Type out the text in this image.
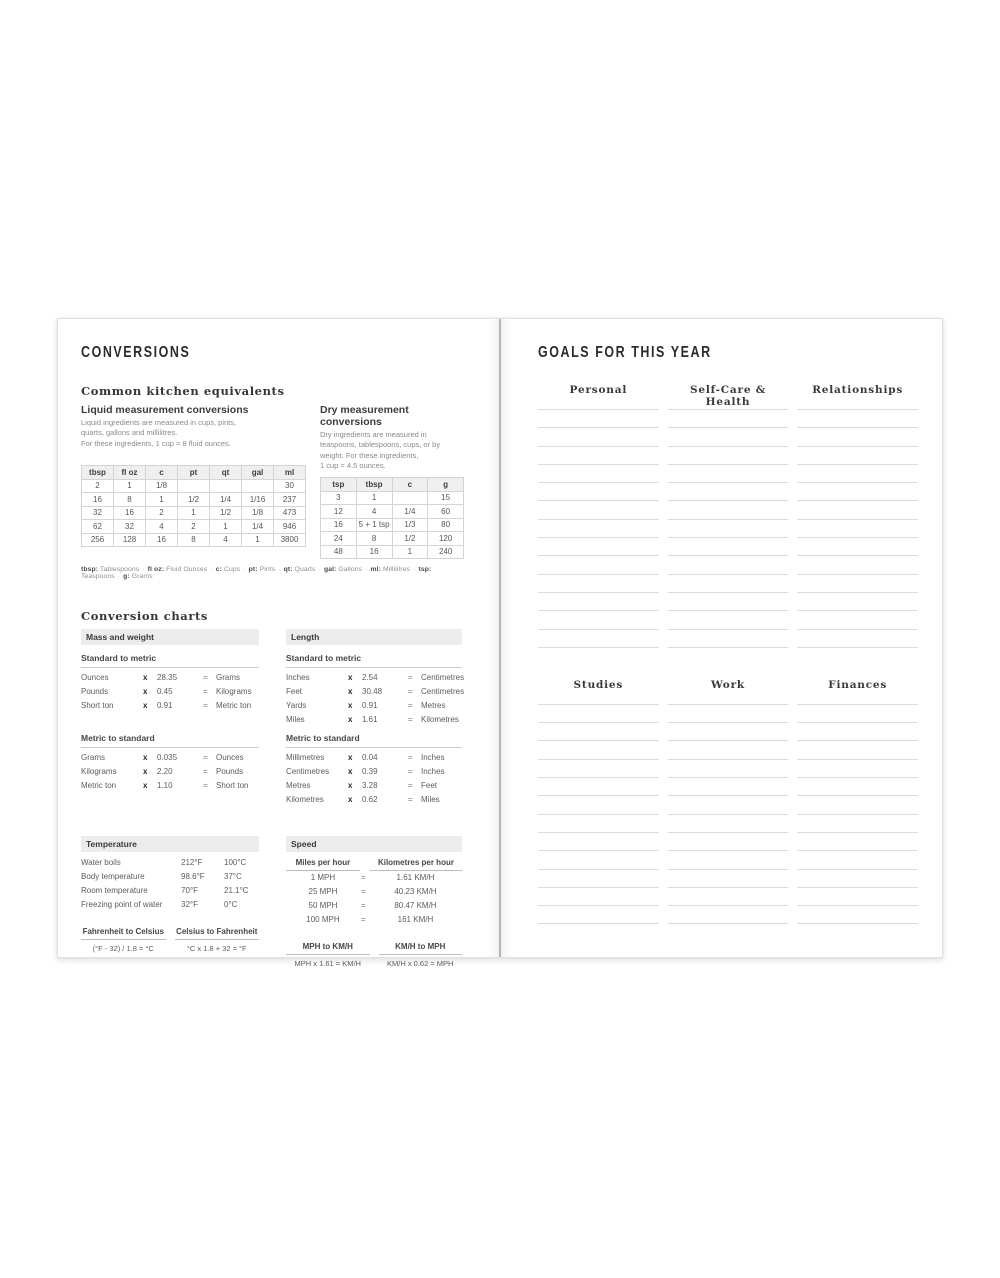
CONVERSIONS
Common kitchen equivalents
Liquid measurement conversions
Liquid ingredients are measured in cups, pints,
quarts, gallons and millilitres.
For these ingredients, 1 cup = 8 fluid ounces.
tbsp	fl oz	c	pt	qt	gal	ml
2	1	1/8				30
16	8	1	1/2	1/4	1/16	237
32	16	2	1	1/2	1/8	473
62	32	4	2	1	1/4	946
256	128	16	8	4	1	3800
Dry measurement conversions
Dry ingredients are measured in
teaspoons, tablespoons, cups, or by
weight. For these ingredients,
1 cup = 4.5 ounces.
tsp	tbsp	c	g
3	1		15
12	4	1/4	60
16	5 + 1 tsp	1/3	80
24	8	1/2	120
48	16	1	240
tbsp: Tablespoons · fl oz: Fluid Ounces · c: Cups · pt: Pints · qt: Quarts · gal: Gallons · ml: Millilitres · tsp: Teaspoons · g: Grams
Conversion charts
Mass and weight
Standard to metric
Ounces	x	28.35	=	Grams
Pounds	x	0.45	=	Kilograms
Short ton	x	0.91	=	Metric ton
Metric to standard
Grams	x	0.035	=	Ounces
Kilograms	x	2.20	=	Pounds
Metric ton	x	1.10	=	Short ton
Length
Standard to metric
Inches	x	2.54	=	Centimetres
Feet	x	30.48	=	Centimetres
Yards	x	0.91	=	Metres
Miles	x	1.61	=	Kilometres
Metric to standard
Millimetres	x	0.04	=	Inches
Centimetres	x	0.39	=	Inches
Metres	x	3.28	=	Feet
Kilometres	x	0.62	=	Miles
Temperature
Water boils	212°F	100°C
Body temperature	98.6°F	37°C
Room temperature	70°F	21.1°C
Freezing point of water	32°F	0°C
Fahrenheit to Celsius
(°F - 32) / 1.8 = °C
Celsius to Fahrenheit
°C x 1.8 + 32 = °F
Speed
Miles per hour	Kilometres per hour
1 MPH	=	1.61 KM/H
25 MPH	=	40.23 KM/H
50 MPH	=	80.47 KM/H
100 MPH	=	161 KM/H
MPH to KM/H
MPH x 1.61 = KM/H
KM/H to MPH
KM/H x 0.62 = MPH
GOALS FOR THIS YEAR
Personal	Self-Care & Health
Relationships
Studies	Work	Finances
